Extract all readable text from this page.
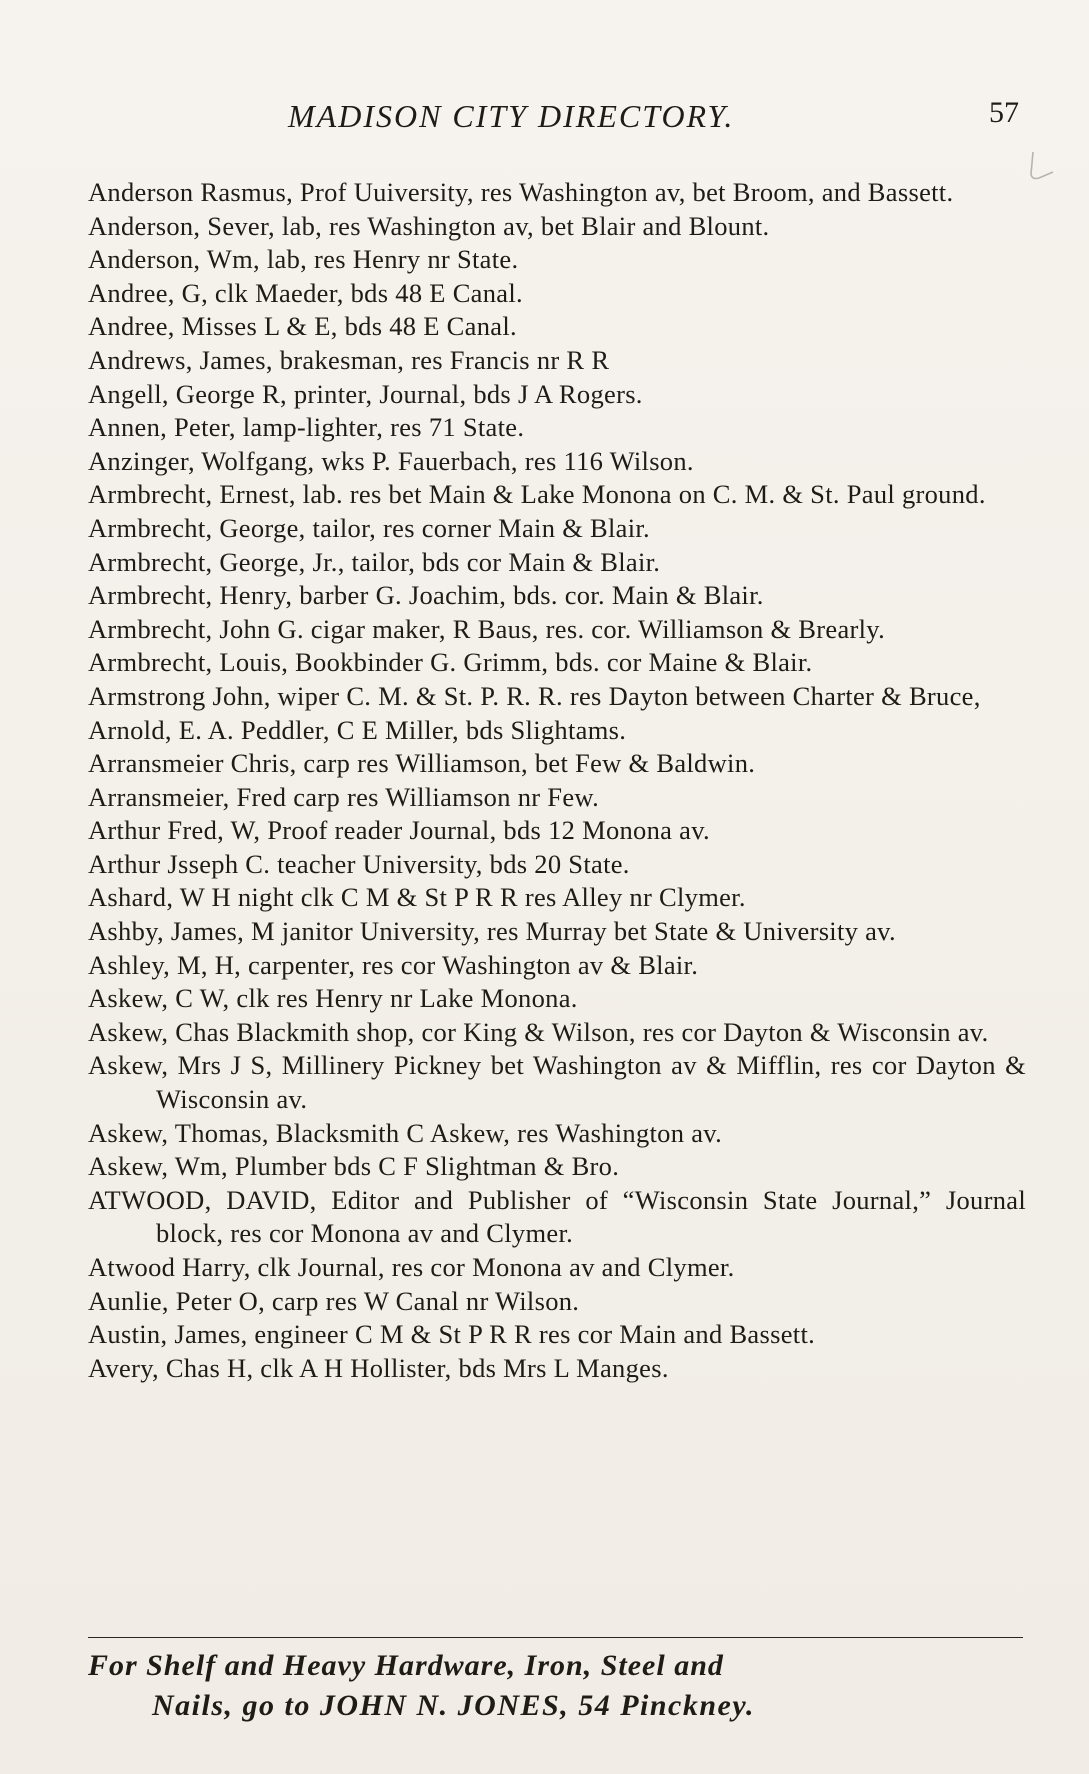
MADISON CITY DIRECTORY.	57
Anderson Rasmus, Prof Uuiversity, res Washington av, bet Broom, and Bassett.
Anderson, Sever, lab, res Washington av, bet Blair and Blount.
Anderson, Wm, lab, res Henry nr State.
Andree, G, clk Maeder, bds 48 E Canal.
Andree, Misses L & E, bds 48 E Canal.
Andrews, James, brakesman, res Francis nr R R
Angell, George R, printer, Journal, bds J A Rogers.
Annen, Peter, lamp-lighter, res 71 State.
Anzinger, Wolfgang, wks P. Fauerbach, res 116 Wilson.
Armbrecht, Ernest, lab. res bet Main & Lake Monona on C. M. & St. Paul ground.
Armbrecht, George, tailor, res corner Main & Blair.
Armbrecht, George, Jr., tailor, bds cor Main & Blair.
Armbrecht, Henry, barber G. Joachim, bds. cor. Main & Blair.
Armbrecht, John G. cigar maker, R Baus, res. cor. Williamson & Brearly.
Armbrecht, Louis, Bookbinder G. Grimm, bds. cor Maine & Blair.
Armstrong John, wiper C. M. & St. P. R. R. res Dayton between Charter & Bruce,
Arnold, E. A. Peddler, C E Miller, bds Slightams.
Arransmeier Chris, carp res Williamson, bet Few & Baldwin.
Arransmeier, Fred carp res Williamson nr Few.
Arthur Fred, W, Proof reader Journal, bds 12 Monona av.
Arthur Jsseph C. teacher University, bds 20 State.
Ashard, W H night clk C M & St P R R res Alley nr Clymer.
Ashby, James, M janitor University, res Murray bet State & University av.
Ashley, M, H, carpenter, res cor Washington av & Blair.
Askew, C W, clk res Henry nr Lake Monona.
Askew, Chas Blackmith shop, cor King & Wilson, res cor Dayton & Wisconsin av.
Askew, Mrs J S, Millinery Pickney bet Washington av & Mifflin, res cor Dayton & Wisconsin av.
Askew, Thomas, Blacksmith C Askew, res Washington av.
Askew, Wm, Plumber bds C F Slightman & Bro.
ATWOOD, DAVID, Editor and Publisher of “Wisconsin State Journal,” Journal block, res cor Monona av and Clymer.
Atwood Harry, clk Journal, res cor Monona av and Clymer.
Aunlie, Peter O, carp res W Canal nr Wilson.
Austin, James, engineer C M & St P R R res cor Main and Bassett.
Avery, Chas H, clk A H Hollister, bds Mrs L Manges.
For Shelf and Heavy Hardware, Iron, Steel and
Nails, go to JOHN N. JONES, 54 Pinckney.
